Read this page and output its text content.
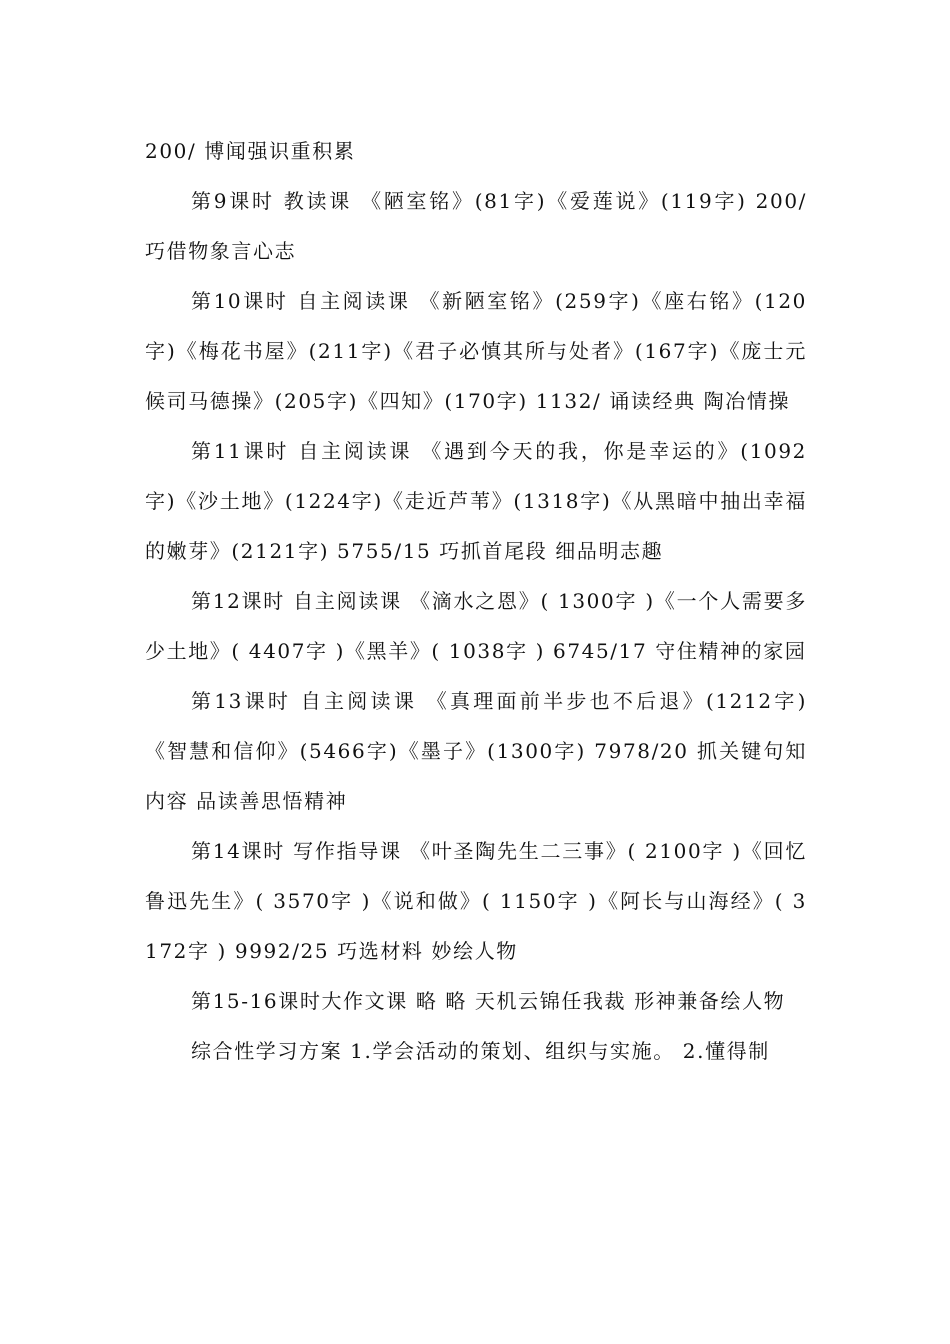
200/ 博闻强识重积累

第9课时 教读课 《陋室铭》(81字)《爱莲说》(119字) 200/ 巧借物象言心志

第10课时 自主阅读课 《新陋室铭》(259字)《座右铭》(120字)《梅花书屋》(211字)《君子必慎其所与处者》(167字)《庞士元候司马德操》(205字)《四知》(170字) 1132/ 诵读经典 陶冶情操

第11课时 自主阅读课 《遇到今天的我，你是幸运的》(1092字)《沙土地》(1224字)《走近芦苇》(1318字)《从黑暗中抽出幸福的嫩芽》(2121字) 5755/15 巧抓首尾段 细品明志趣

第12课时 自主阅读课 《滴水之恩》( 1300字 )《一个人需要多少土地》( 4407字 )《黑羊》( 1038字 ) 6745/17 守住精神的家园

第13课时 自主阅读课 《真理面前半步也不后退》(1212字)《智慧和信仰》(5466字)《墨子》(1300字) 7978/20 抓关键句知内容 品读善思悟精神

第14课时 写作指导课 《叶圣陶先生二三事》( 2100字 )《回忆鲁迅先生》( 3570字 )《说和做》( 1150字 )《阿长与山海经》( 3172字 ) 9992/25 巧选材料 妙绘人物

第15-16课时大作文课 略 略 天机云锦任我裁 形神兼备绘人物

综合性学习方案 1.学会活动的策划、组织与实施。 2.懂得制
